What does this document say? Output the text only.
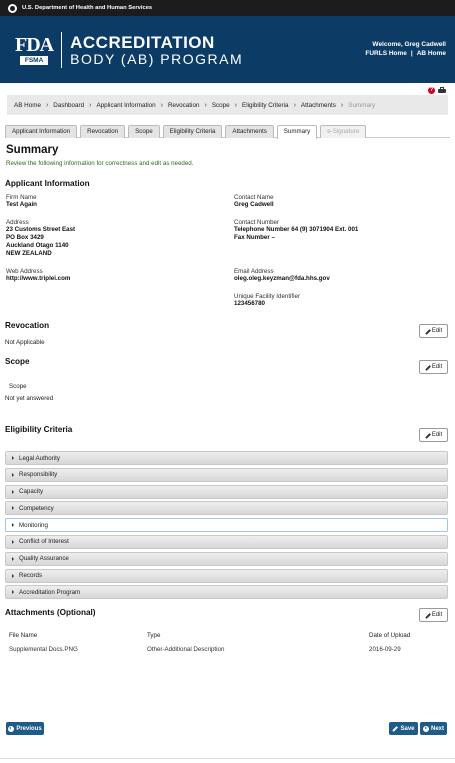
U.S. Department of Health and Human Services
FDA
FSMA
ACCREDITATION
BODY (AB) PROGRAM
Welcome, Greg Cadwell
FURLS Home | AB Home
?
AB Home › Dashboard › Applicant Information › Revocation › Scope › Eligibility Criteria › Attachments › Summary
Applicant Information	Revocation	Scope	Eligibility Criteria	Attachments	Summary	e-Signature
Summary
Review the following information for correctness and edit as needed.
Applicant Information
Firm Name
Test Again
Contact Name
Greg Cadwell
Address
23 Customs Street East
PO Box 3429
Auckland Otago 1140
NEW ZEALAND
Contact Number
Telephone Number 64 (9) 3071904 Ext. 001
Fax Number –
Web Address
http://www.triplei.com
Email Address
oleg.oleg.keyzman@fda.hhs.gov
Unique Facility Identifier
123456780
Revocation
Edit
Not Applicable
Scope
Edit
Scope
Not yet answered
Eligibility Criteria
Edit
Legal Authority
Responsibility
Capacity
Competency
Monitoring
Conflict of Interest
Quality Assurance
Records
Accreditation Program
Attachments (Optional)	Edit
File Name	Type	Date of Upload
Supplemental Docs.PNG	Other-Additional Description	2016-09-29
Previous	Save	Next
